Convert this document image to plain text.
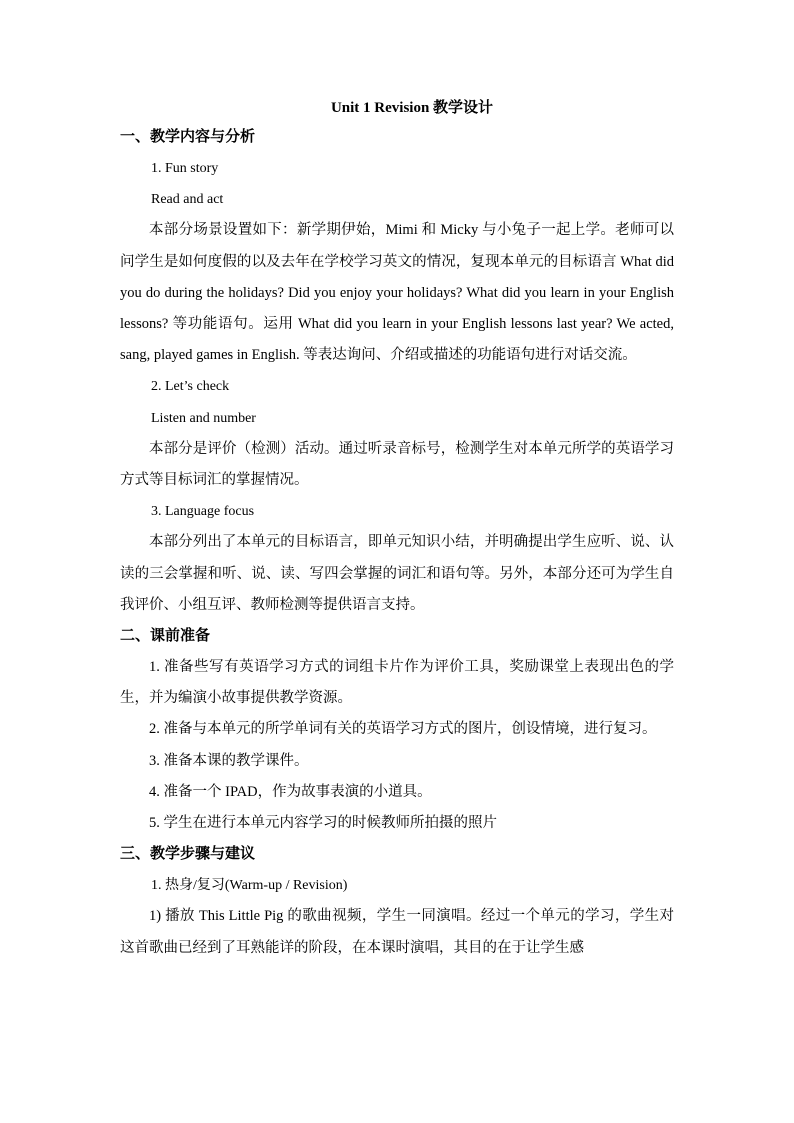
Unit 1 Revision 教学设计
一、教学内容与分析

1. Fun story

Read and act

本部分场景设置如下：新学期伊始，Mimi 和 Micky 与小兔子一起上学。老师可以问学生是如何度假的以及去年在学校学习英文的情况，复现本单元的目标语言 What did you do during the holidays? Did you enjoy your holidays? What did you learn in your English lessons? 等功能语句。运用 What did you learn in your English lessons last year? We acted, sang, played games in English. 等表达询问、介绍或描述的功能语句进行对话交流。

2. Let’s check

Listen and number

本部分是评价（检测）活动。通过听录音标号，检测学生对本单元所学的英语学习方式等目标词汇的掌握情况。

3. Language focus

本部分列出了本单元的目标语言，即单元知识小结，并明确提出学生应听、说、认读的三会掌握和听、说、读、写四会掌握的词汇和语句等。另外，本部分还可为学生自我评价、小组互评、教师检测等提供语言支持。

二、课前准备

1. 准备些写有英语学习方式的词组卡片作为评价工具，奖励课堂上表现出色的学生，并为编演小故事提供教学资源。

2. 准备与本单元的所学单词有关的英语学习方式的图片，创设情境，进行复习。

3. 准备本课的教学课件。

4. 准备一个 IPAD，作为故事表演的小道具。

5. 学生在进行本单元内容学习的时候教师所拍摄的照片

三、教学步骤与建议

1. 热身/复习(Warm-up / Revision)

1) 播放 This Little Pig 的歌曲视频，学生一同演唱。经过一个单元的学习，学生对这首歌曲已经到了耳熟能详的阶段，在本课时演唱，其目的在于让学生感
